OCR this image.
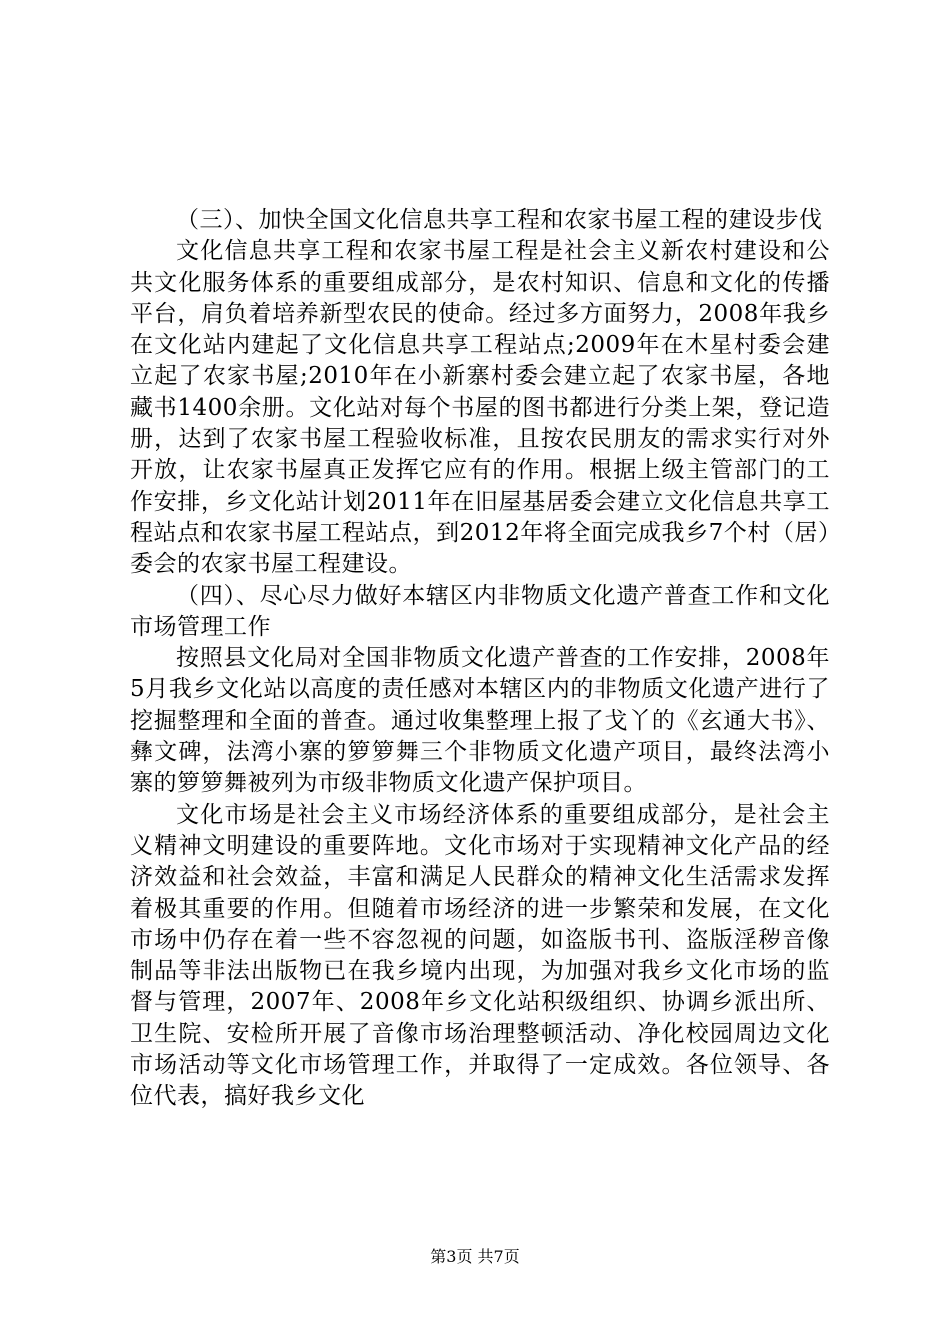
（三）、加快全国文化信息共享工程和农家书屋工程的建设步伐

文化信息共享工程和农家书屋工程是社会主义新农村建设和公共文化服务体系的重要组成部分，是农村知识、信息和文化的传播平台，肩负着培养新型农民的使命。经过多方面努力，2008年我乡在文化站内建起了文化信息共享工程站点;2009年在木星村委会建立起了农家书屋;2010年在小新寨村委会建立起了农家书屋，各地藏书1400余册。文化站对每个书屋的图书都进行分类上架，登记造册，达到了农家书屋工程验收标准，且按农民朋友的需求实行对外开放，让农家书屋真正发挥它应有的作用。根据上级主管部门的工作安排，乡文化站计划2011年在旧屋基居委会建立文化信息共享工程站点和农家书屋工程站点，到2012年将全面完成我乡7个村（居）委会的农家书屋工程建设。

（四）、尽心尽力做好本辖区内非物质文化遗产普查工作和文化市场管理工作

按照县文化局对全国非物质文化遗产普查的工作安排，2008年5月我乡文化站以高度的责任感对本辖区内的非物质文化遗产进行了挖掘整理和全面的普查。通过收集整理上报了戈丫的《玄通大书》、彝文碑，法湾小寨的箩箩舞三个非物质文化遗产项目，最终法湾小寨的箩箩舞被列为市级非物质文化遗产保护项目。

文化市场是社会主义市场经济体系的重要组成部分，是社会主义精神文明建设的重要阵地。文化市场对于实现精神文化产品的经济效益和社会效益，丰富和满足人民群众的精神文化生活需求发挥着极其重要的作用。但随着市场经济的进一步繁荣和发展，在文化市场中仍存在着一些不容忽视的问题，如盗版书刊、盗版淫秽音像制品等非法出版物已在我乡境内出现，为加强对我乡文化市场的监督与管理，2007年、2008年乡文化站积级组织、协调乡派出所、卫生院、安检所开展了音像市场治理整顿活动、净化校园周边文化市场活动等文化市场管理工作，并取得了一定成效。各位领导、各位代表，搞好我乡文化

第3页 共7页
